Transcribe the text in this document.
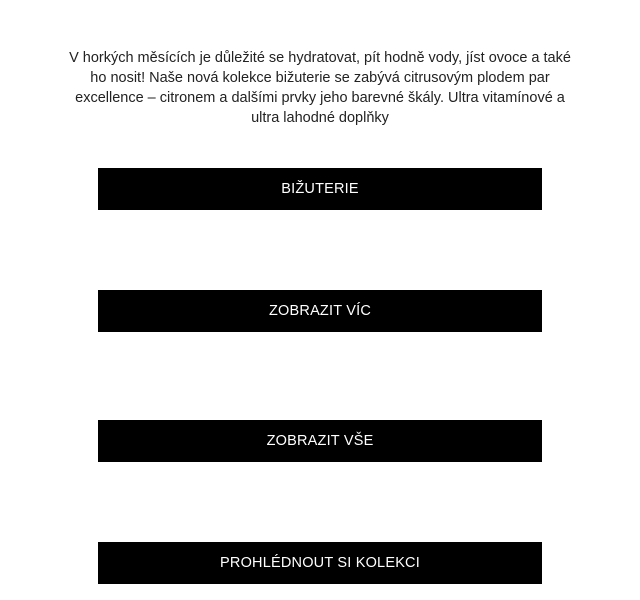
V horkých měsících je důležité se hydratovat, pít hodně vody, jíst ovoce a také ho nosit! Naše nová kolekce bižuterie se zabývá citrusovým plodem par excellence – citronem a dalšími prvky jeho barevné škály. Ultra vitamínové a ultra lahodné doplňky

BIŽUTERIE
ZOBRAZIT VÍC
ZOBRAZIT VŠE
PROHLÉDNOUT SI KOLEKCI
